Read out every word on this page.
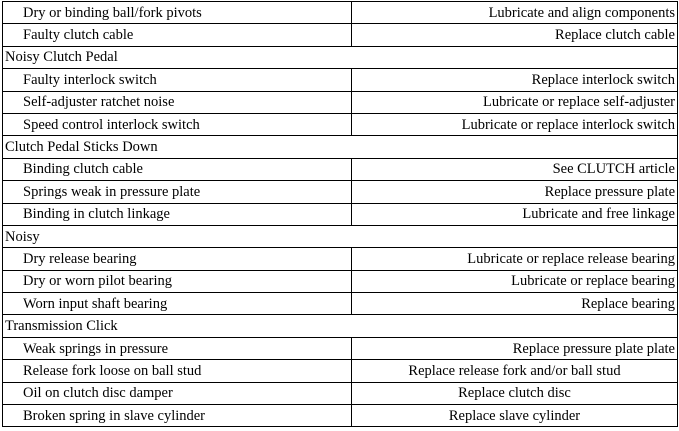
Dry or binding ball/fork pivots	Lubricate and align components
Faulty clutch cable	Replace clutch cable
Noisy Clutch Pedal	
Faulty interlock switch	Replace interlock switch
Self-adjuster ratchet noise	Lubricate or replace self-adjuster
Speed control interlock switch	Lubricate or replace interlock switch
Clutch Pedal Sticks Down	
Binding clutch cable	See CLUTCH article
Springs weak in pressure plate	Replace pressure plate
Binding in clutch linkage	Lubricate and free linkage
Noisy	
Dry release bearing	Lubricate or replace release bearing
Dry or worn pilot bearing	Lubricate or replace bearing
Worn input shaft bearing	Replace bearing
Transmission Click	
Weak springs in pressure	Replace pressure plate plate
Release fork loose on ball stud	Replace release fork and/or ball stud
Oil on clutch disc damper	Replace clutch disc
Broken spring in slave cylinder	Replace slave cylinder
